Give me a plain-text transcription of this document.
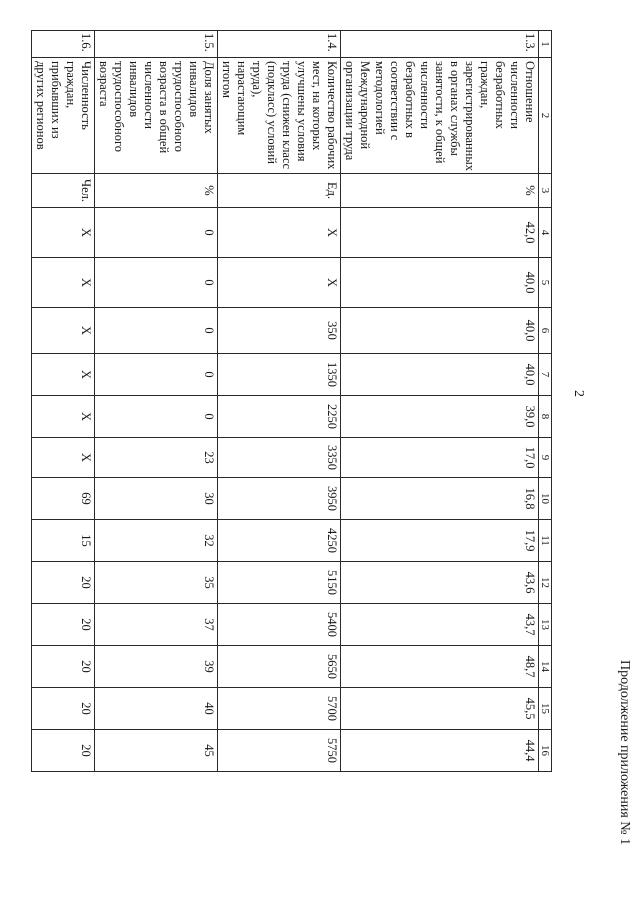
Продолжение приложения № 1
2
1	2	3	4	5	6	7	8	9	10	11	12	13	14	15	16
1.3.	Отношение численности безработных граждан, зарегистрированных в органах службы занятости, к общей численности безработных в соответствии с методологией Международной организации труда	%	42,0	40,0	40,0	40,0	39,0	17,0	16,8	17,9	43,6	43,7	48,7	45,5	44,4
1.4.	Количество рабочих мест, на которых улучшены условия труда (снижен класс (подкласс) условий труда), нарастающим итогом	Ед.	Х	Х	350	1350	2250	3350	3950	4250	5150	5400	5650	5700	5750
1.5.	Доля занятых инвалидов трудоспособного возраста в общей численности инвалидов трудоспособного возраста	%	0	0	0	0	0	23	30	32	35	37	39	40	45
1.6.	Численность граждан, прибывших из других регионов	Чел.	Х	Х	Х	Х	Х	Х	69	15	20	20	20	20	20
